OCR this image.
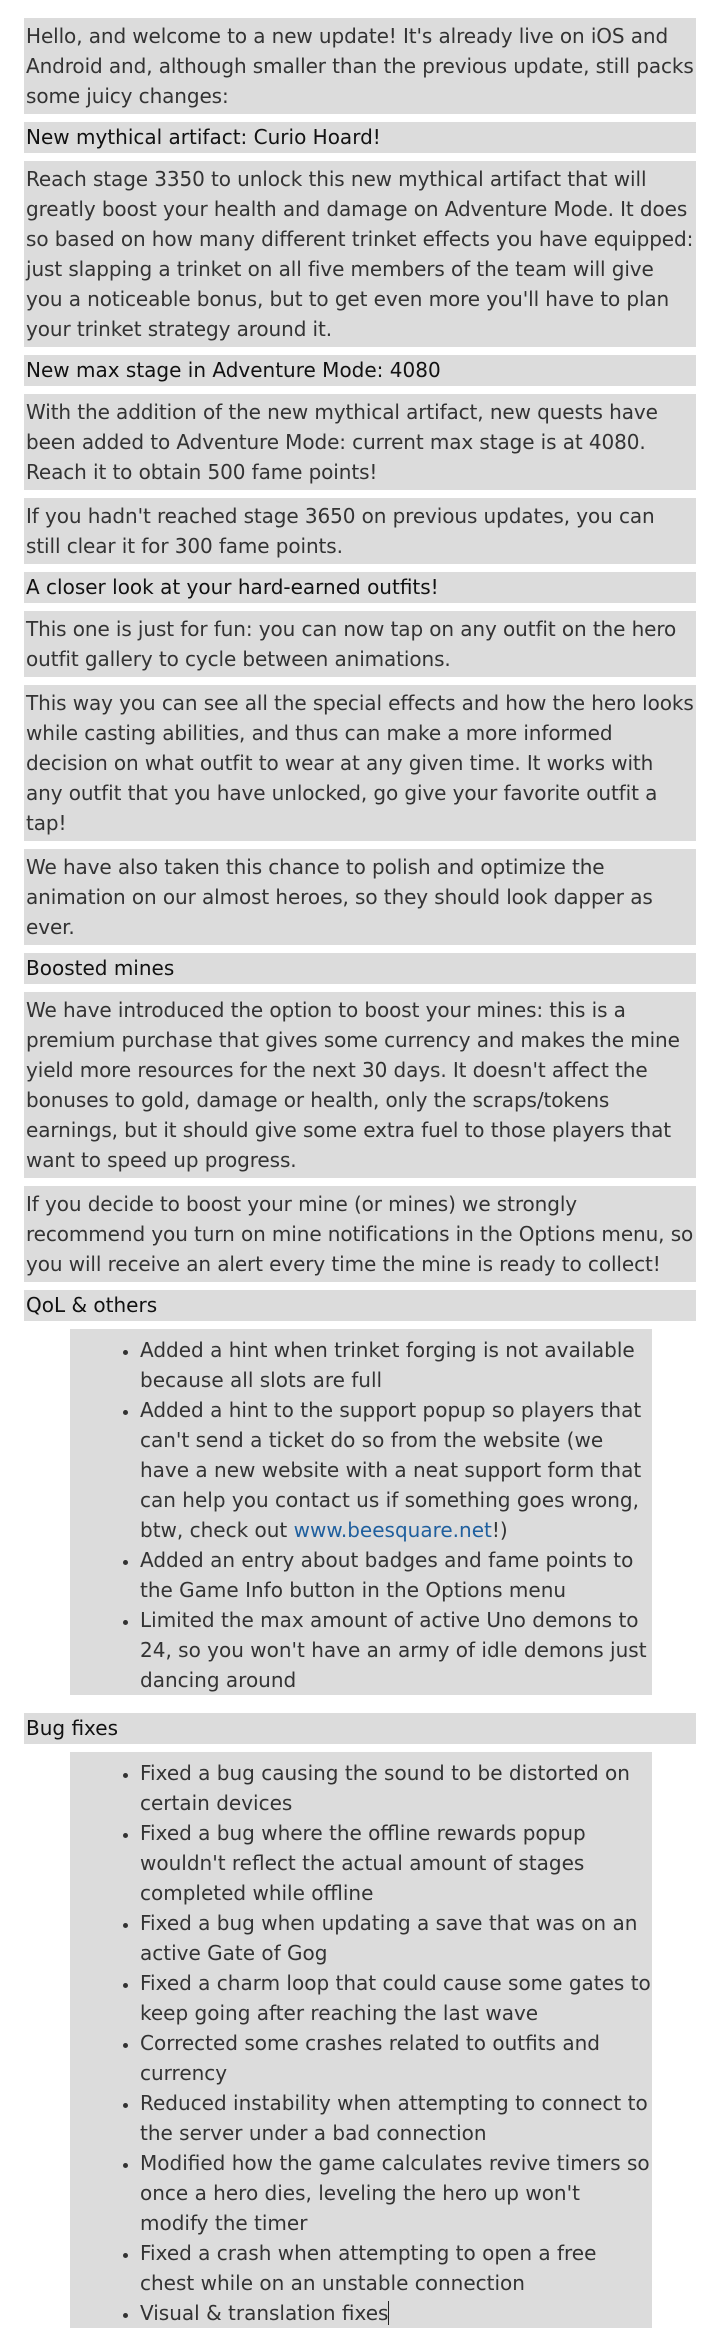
Hello, and welcome to a new update! It's already live on iOS and Android and, although smaller than the previous update, still packs some juicy changes:
New mythical artifact: Curio Hoard!
Reach stage 3350 to unlock this new mythical artifact that will greatly boost your health and damage on Adventure Mode. It does so based on how many different trinket effects you have equipped: just slapping a trinket on all five members of the team will give you a noticeable bonus, but to get even more you'll have to plan your trinket strategy around it.
New max stage in Adventure Mode: 4080
With the addition of the new mythical artifact, new quests have been added to Adventure Mode: current max stage is at 4080. Reach it to obtain 500 fame points!
If you hadn't reached stage 3650 on previous updates, you can still clear it for 300 fame points.
A closer look at your hard-earned outfits!
This one is just for fun: you can now tap on any outfit on the hero outfit gallery to cycle between animations.
This way you can see all the special effects and how the hero looks while casting abilities, and thus can make a more informed decision on what outfit to wear at any given time. It works with any outfit that you have unlocked, go give your favorite outfit a tap!
We have also taken this chance to polish and optimize the animation on our almost heroes, so they should look dapper as ever.
Boosted mines
We have introduced the option to boost your mines: this is a premium purchase that gives some currency and makes the mine yield more resources for the next 30 days. It doesn't affect the bonuses to gold, damage or health, only the scraps/tokens earnings, but it should give some extra fuel to those players that want to speed up progress.
If you decide to boost your mine (or mines) we strongly recommend you turn on mine notifications in the Options menu, so you will receive an alert every time the mine is ready to collect!
QoL & others
• Added a hint when trinket forging is not available because all slots are full
• Added a hint to the support popup so players that can't send a ticket do so from the website (we have a new website with a neat support form that can help you contact us if something goes wrong, btw, check out www.beesquare.net!)
• Added an entry about badges and fame points to the Game Info button in the Options menu
• Limited the max amount of active Uno demons to 24, so you won't have an army of idle demons just dancing around
Bug fixes
• Fixed a bug causing the sound to be distorted on certain devices
• Fixed a bug where the offline rewards popup wouldn't reflect the actual amount of stages completed while offline
• Fixed a bug when updating a save that was on an active Gate of Gog
• Fixed a charm loop that could cause some gates to keep going after reaching the last wave
• Corrected some crashes related to outfits and currency
• Reduced instability when attempting to connect to the server under a bad connection
• Modified how the game calculates revive timers so once a hero dies, leveling the hero up won't modify the timer
• Fixed a crash when attempting to open a free chest while on an unstable connection
• Visual & translation fixes
